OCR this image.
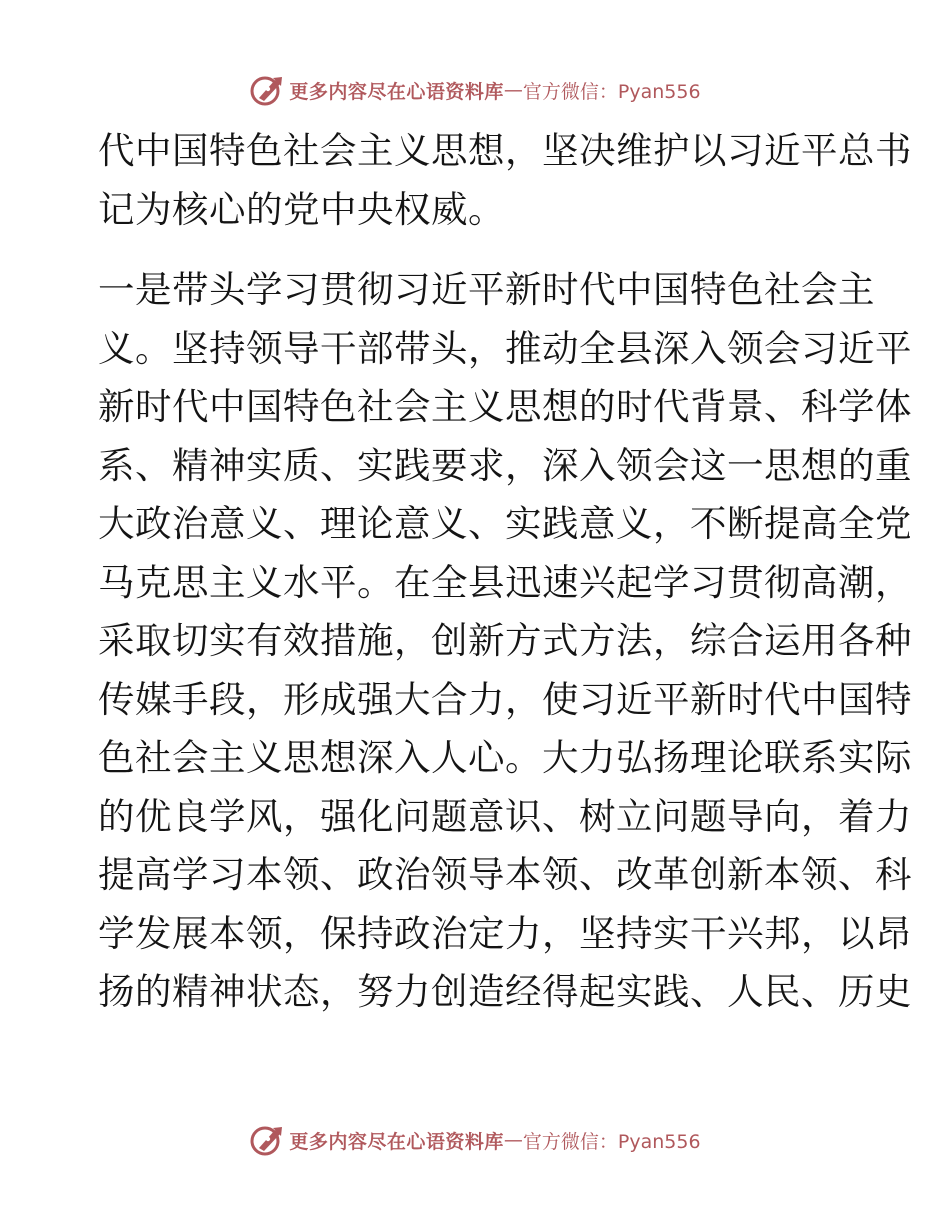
更多内容尽在心语资料库 — 官方微信：Pyan556
代中国特色社会主义思想，坚决维护以习近平总书
记为核心的党中央权威。
一是带头学习贯彻习近平新时代中国特色社会主
义。坚持领导干部带头，推动全县深入领会习近平
新时代中国特色社会主义思想的时代背景、科学体
系、精神实质、实践要求，深入领会这一思想的重
大政治意义、理论意义、实践意义，不断提高全党
马克思主义水平。在全县迅速兴起学习贯彻高潮，
采取切实有效措施，创新方式方法，综合运用各种
传媒手段，形成强大合力，使习近平新时代中国特
色社会主义思想深入人心。大力弘扬理论联系实际
的优良学风，强化问题意识、树立问题导向，着力
提高学习本领、政治领导本领、改革创新本领、科
学发展本领，保持政治定力，坚持实干兴邦，以昂
扬的精神状态，努力创造经得起实践、人民、历史
更多内容尽在心语资料库 — 官方微信：Pyan556
